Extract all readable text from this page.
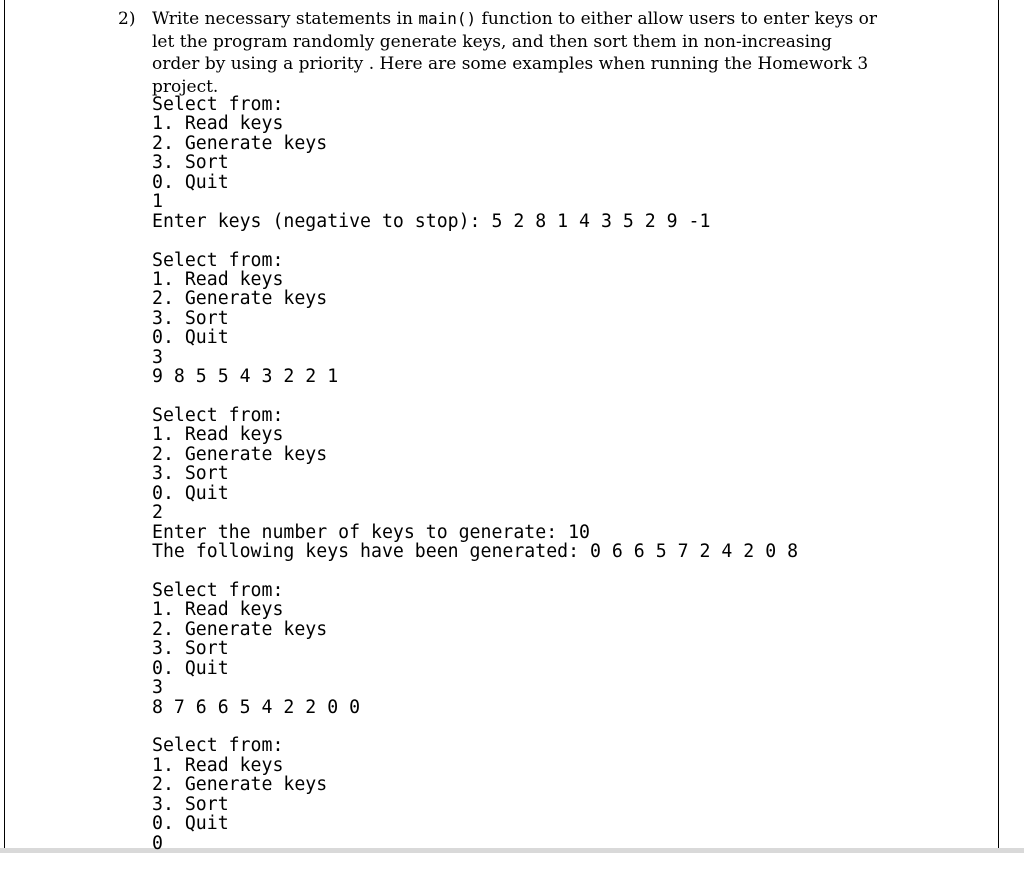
2) Write necessary statements in main() function to either allow users to enter keys or let the program randomly generate keys, and then sort them in non-increasing order by using a priority . Here are some examples when running the Homework 3 project.
Select from:
1. Read keys
2. Generate keys
3. Sort
0. Quit
1
Enter keys (negative to stop): 5 2 8 1 4 3 5 2 9 -1
Select from:
1. Read keys
2. Generate keys
3. Sort
0. Quit
3
9 8 5 5 4 3 2 2 1
Select from:
1. Read keys
2. Generate keys
3. Sort
0. Quit
2
Enter the number of keys to generate: 10
The following keys have been generated: 0 6 6 5 7 2 4 2 0 8
Select from:
1. Read keys
2. Generate keys
3. Sort
0. Quit
3
8 7 6 6 5 4 2 2 0 0
Select from:
1. Read keys
2. Generate keys
3. Sort
0. Quit
0
